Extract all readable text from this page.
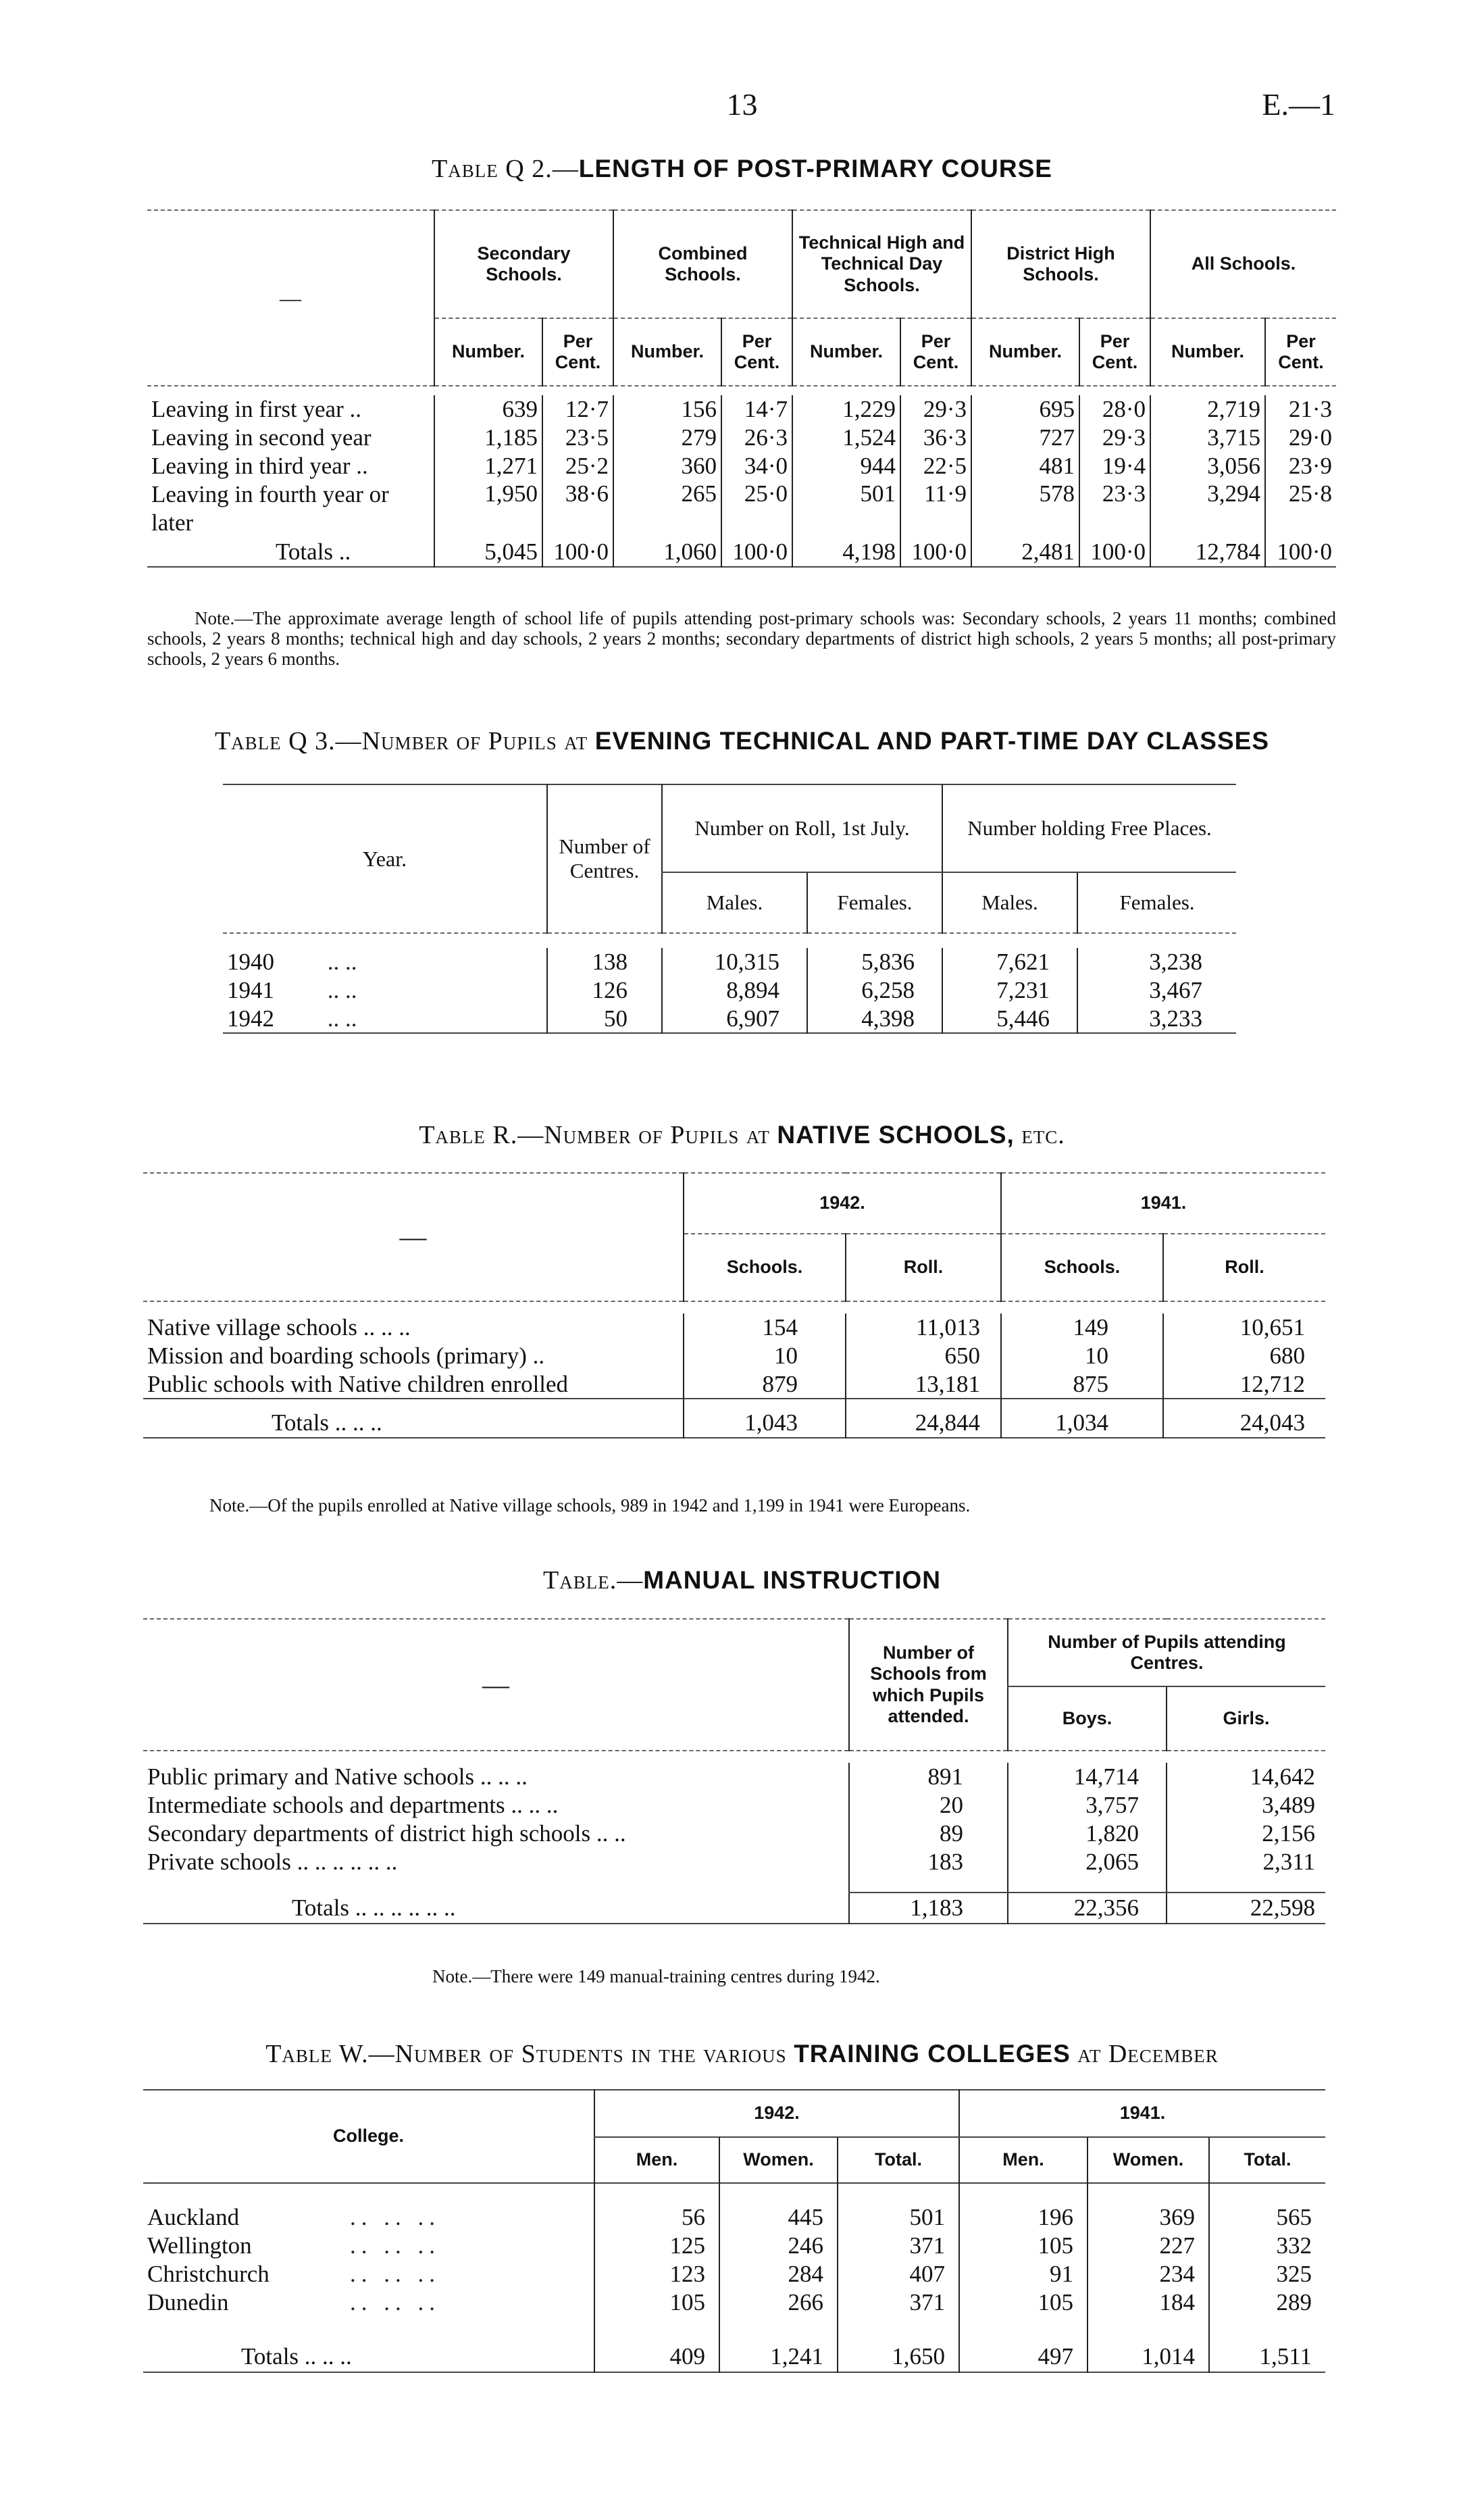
13	E.—1
Table Q 2.—LENGTH OF POST-PRIMARY COURSE
—	Secondary Schools.		Combined Schools.		Technical High and Technical Day Schools.		District High Schools.		All Schools.	
	Number.	Per Cent.	Number.	Per Cent.	Number.	Per Cent.	Number.	Per Cent.	Number.	Per Cent.

Leaving in first year ..	639	12·7	156	14·7	1,229	29·3	695	28·0	2,719	21·3
Leaving in second year	1,185	23·5	279	26·3	1,524	36·3	727	29·3	3,715	29·0
Leaving in third year ..	1,271	25·2	360	34·0	944	22·5	481	19·4	3,056	23·9
Leaving in fourth year or later	1,950	38·6	265	25·0	501	11·9	578	23·3	3,294	25·8
Totals ..	5,045	100·0	1,060	100·0	4,198	100·0	2,481	100·0	12,784	100·0
Note.—The approximate average length of school life of pupils attending post-primary schools was: Secondary schools, 2 years 11 months; combined schools, 2 years 8 months; technical high and day schools, 2 years 2 months; secondary departments of district high schools, 2 years 5 months; all post-primary schools, 2 years 6 months.
Table Q 3.—Number of Pupils at EVENING TECHNICAL AND PART-TIME DAY CLASSES
Year.	Number of Centres.	Number on Roll, 1st July.		Number holding Free Places.	
		Males.	Females.	Males.	Females.

1940 .. ..	138	10,315	5,836	7,621	3,238
1941 .. ..	126	8,894	6,258	7,231	3,467
1942 .. ..	50	6,907	4,398	5,446	3,233
Table R.—Number of Pupils at NATIVE SCHOOLS, etc.
—	1942.		1941.	
	Schools.	Roll.	Schools.	Roll.

Native village schools .. .. ..	154	11,013	149	10,651
Mission and boarding schools (primary) ..	10	650	10	680
Public schools with Native children enrolled	879	13,181	875	12,712

Totals .. .. ..	1,043	24,844	1,034	24,043
Note.—Of the pupils enrolled at Native village schools, 989 in 1942 and 1,199 in 1941 were Europeans.
Table.—MANUAL INSTRUCTION
—	Number of Schools from which Pupils attended.	Number of Pupils attending Centres.	
		Boys.	Girls.

Public primary and Native schools .. .. ..	891	14,714	14,642
Intermediate schools and departments .. .. ..	20	3,757	3,489
Secondary departments of district high schools .. ..	89	1,820	2,156
Private schools .. .. .. .. .. ..	183	2,065	2,311

Totals .. .. .. .. .. ..	1,183	22,356	22,598
Note.—There were 149 manual-training centres during 1942.
Table W.—Number of Students in the various TRAINING COLLEGES at December
College.	1942.			1941.		
	Men.	Women.	Total.	Men.	Women.	Total.

Auckland .. .. ..	56	445	501	196	369	565
Wellington .. .. ..	125	246	371	105	227	332
Christchurch .. .. ..	123	284	407	91	234	325
Dunedin .. .. ..	105	266	371	105	184	289

Totals .. .. ..	409	1,241	1,650	497	1,014	1,511
